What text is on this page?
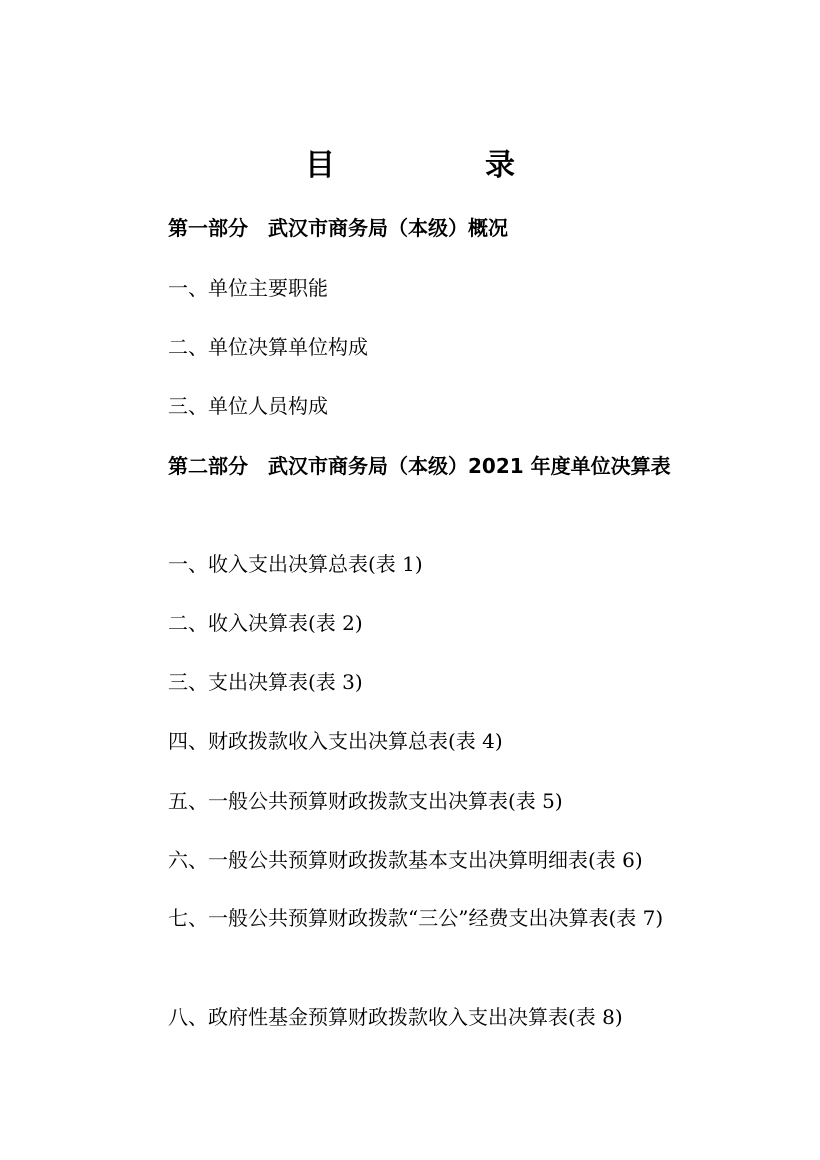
目　录
第一部分　武汉市商务局（本级）概况
一、单位主要职能
二、单位决算单位构成
三、单位人员构成
第二部分　武汉市商务局（本级）2021 年度单位决算表
一、收入支出决算总表(表 1)
二、收入决算表(表 2)
三、支出决算表(表 3)
四、财政拨款收入支出决算总表(表 4)
五、一般公共预算财政拨款支出决算表(表 5)
六、一般公共预算财政拨款基本支出决算明细表(表 6)
七、一般公共预算财政拨款“三公”经费支出决算表(表 7)
八、政府性基金预算财政拨款收入支出决算表(表 8)
